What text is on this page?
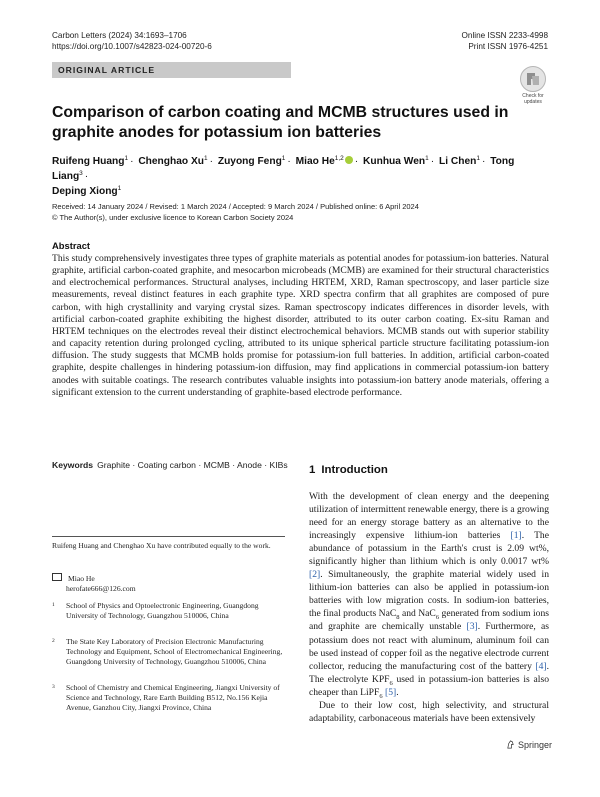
Carbon Letters (2024) 34:1693–1706
https://doi.org/10.1007/s42823-024-00720-6
Online ISSN 2233-4998
Print ISSN 1976-4251
ORIGINAL ARTICLE
Check for
updates
Comparison of carbon coating and MCMB structures used in graphite anodes for potassium ion batteries
Ruifeng Huang$^1$ · Chenghao $Xu^1$ · Zuyong Feng$^1$ · Miao He$^{1,2}$ · Kunhua Wen$^1$ · Li Chen$^1$ · Tong Liang$^3$ ·
Deping Xiong$^1$
Received: 14 January 2024 / Revised: 1 March 2024 / Accepted: 9 March 2024 / Published online: 6 April 2024
© The Author(s), under exclusive licence to Korean Carbon Society 2024
Abstract
This study comprehensively investigates three types of graphite materials as potential anodes for potassium-ion batteries. Natural graphite, artificial carbon-coated graphite, and mesocarbon microbeads (MCMB) are examined for their structural characteristics and electrochemical performances. Structural analyses, including HRTEM, XRD, Raman spectroscopy, and laser particle size measurements, reveal distinct features in each graphite type. XRD spectra confirm that all graphites are composed of pure carbon, with high crystallinity and varying crystal sizes. Raman spectroscopy indicates differences in disorder levels, with artificial carbon-coated graphite exhibiting the highest disorder, attributed to its outer carbon coating. Ex-situ Raman and HRTEM techniques on the electrodes reveal their distinct electrochemical behaviors. MCMB stands out with superior stability and capacity retention during prolonged cycling, attributed to its unique spherical particle structure facilitating potassium-ion diffusion. The study suggests that MCMB holds promise for potassium-ion full batteries. In addition, artificial carbon-coated graphite, despite challenges in hindering potassium-ion diffusion, may find applications in commercial potassium-ion battery anodes with suitable coatings. The research contributes valuable insights into potassium-ion battery anode materials, offering a significant extension to the current understanding of graphite-based electrode performance.
Keywords Graphite · Coating carbon · MCMB · Anode · KIBs
Ruifeng Huang and Chenghao Xu have contributed equally to the work.
Miao He
herofate666@126.com
1	School of Physics and Optoelectronic Engineering, Guangdong University of Technology, Guangzhou 510006, China
2	The State Key Laboratory of Precision Electronic Manufacturing Technology and Equipment, School of Electromechanical Engineering, Guangdong University of Technology, Guangzhou 510006, China
3	School of Chemistry and Chemical Engineering, Jiangxi University of Science and Technology, Rare Earth Building B512, No.156 Kejia Avenue, Ganzhou City, Jiangxi Province, China
1 Introduction

With the development of clean energy and the deepening utilization of intermittent renewable energy, there is a growing need for an energy storage battery as an alternative to the increasingly expensive lithium-ion batteries [1]. The abundance of potassium in the Earth's crust is 2.09 wt%, significantly higher than lithium which is only 0.0017 wt% [2]. Simultaneously, the graphite material widely used in lithium-ion batteries can also be applied in potassium-ion batteries with low migration costs. In sodium-ion batteries, the final products NaC$_8$ and NaC$_6$ generated from sodium ions and graphite are chemically unstable [3]. Furthermore, as potassium does not react with aluminum, aluminum foil can be used instead of copper foil as the negative electrode current collector, reducing the manufacturing cost of the battery [4]. The electrolyte $KPF_6$ used in potassium-ion batteries is also cheaper than LiPF$_6$ [5].

Due to their low cost, high selectivity, and structural adaptability, carbonaceous materials have been extensively

Springer
